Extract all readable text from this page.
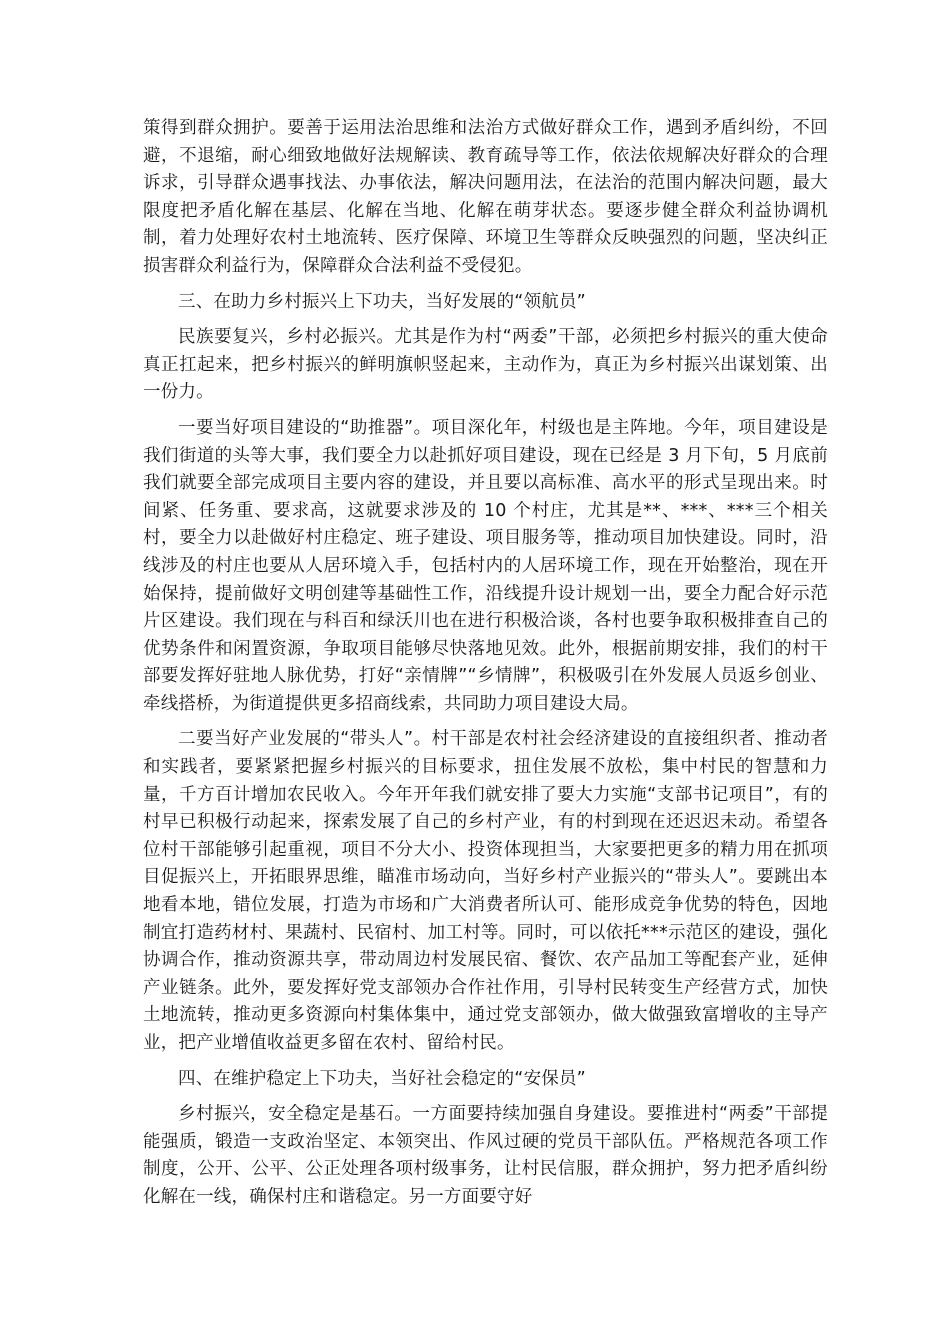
策得到群众拥护。要善于运用法治思维和法治方式做好群众工作，遇到矛盾纠纷，不回避，不退缩，耐心细致地做好法规解读、教育疏导等工作，依法依规解决好群众的合理诉求，引导群众遇事找法、办事依法，解决问题用法，在法治的范围内解决问题，最大限度把矛盾化解在基层、化解在当地、化解在萌芽状态。要逐步健全群众利益协调机制，着力处理好农村土地流转、医疗保障、环境卫生等群众反映强烈的问题，坚决纠正损害群众利益行为，保障群众合法利益不受侵犯。

三、在助力乡村振兴上下功夫，当好发展的“领航员”

民族要复兴，乡村必振兴。尤其是作为村“两委”干部，必须把乡村振兴的重大使命真正扛起来，把乡村振兴的鲜明旗帜竖起来，主动作为，真正为乡村振兴出谋划策、出一份力。

一要当好项目建设的“助推器”。项目深化年，村级也是主阵地。今年，项目建设是我们街道的头等大事，我们要全力以赴抓好项目建设，现在已经是 3 月下旬，5 月底前我们就要全部完成项目主要内容的建设，并且要以高标准、高水平的形式呈现出来。时间紧、任务重、要求高，这就要求涉及的 10 个村庄，尤其是**、***、***三个相关村，要全力以赴做好村庄稳定、班子建设、项目服务等，推动项目加快建设。同时，沿线涉及的村庄也要从人居环境入手，包括村内的人居环境工作，现在开始整治，现在开始保持，提前做好文明创建等基础性工作，沿线提升设计规划一出，要全力配合好示范片区建设。我们现在与科百和绿沃川也在进行积极洽谈，各村也要争取积极排查自己的优势条件和闲置资源，争取项目能够尽快落地见效。此外，根据前期安排，我们的村干部要发挥好驻地人脉优势，打好“亲情牌”“乡情牌”，积极吸引在外发展人员返乡创业、牵线搭桥，为街道提供更多招商线索，共同助力项目建设大局。

二要当好产业发展的“带头人”。村干部是农村社会经济建设的直接组织者、推动者和实践者，要紧紧把握乡村振兴的目标要求，扭住发展不放松，集中村民的智慧和力量，千方百计增加农民收入。今年开年我们就安排了要大力实施“支部书记项目”，有的村早已积极行动起来，探索发展了自己的乡村产业，有的村到现在还迟迟未动。希望各位村干部能够引起重视，项目不分大小、投资体现担当，大家要把更多的精力用在抓项目促振兴上，开拓眼界思维，瞄准市场动向，当好乡村产业振兴的“带头人”。要跳出本地看本地，错位发展，打造为市场和广大消费者所认可、能形成竞争优势的特色，因地制宜打造药材村、果蔬村、民宿村、加工村等。同时，可以依托***示范区的建设，强化协调合作，推动资源共享，带动周边村发展民宿、餐饮、农产品加工等配套产业，延伸产业链条。此外，要发挥好党支部领办合作社作用，引导村民转变生产经营方式，加快土地流转，推动更多资源向村集体集中，通过党支部领办，做大做强致富增收的主导产业，把产业增值收益更多留在农村、留给村民。

四、在维护稳定上下功夫，当好社会稳定的“安保员”

乡村振兴，安全稳定是基石。一方面要持续加强自身建设。要推进村“两委”干部提能强质，锻造一支政治坚定、本领突出、作风过硬的党员干部队伍。严格规范各项工作制度，公开、公平、公正处理各项村级事务，让村民信服，群众拥护，努力把矛盾纠纷化解在一线，确保村庄和谐稳定。另一方面要守好
